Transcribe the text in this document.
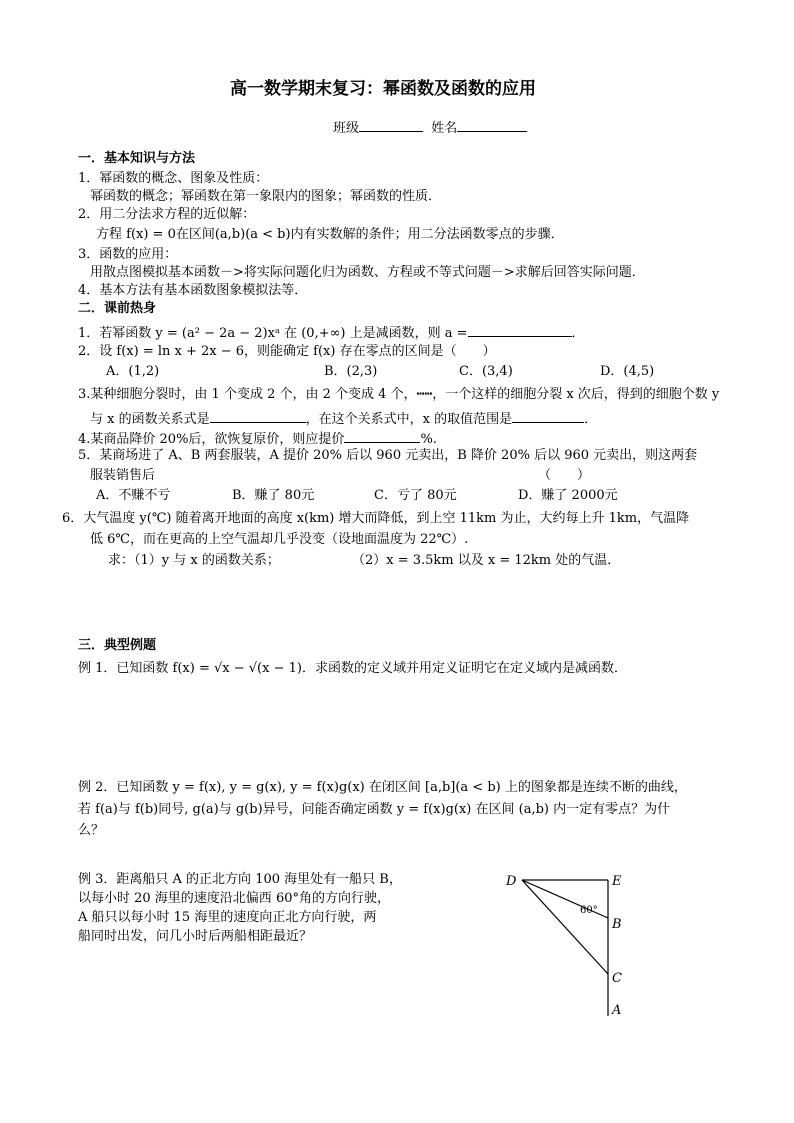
高一数学期末复习：幂函数及函数的应用
班级	姓名
一．基本知识与方法
1．幂函数的概念、图象及性质：
幂函数的概念；幂函数在第一象限内的图象；幂函数的性质．
2．用二分法求方程的近似解：
方程 f(x) = 0在区间(a,b)(a < b)内有实数解的条件；用二分法函数零点的步骤．
3．函数的应用：
用散点图模拟基本函数－>将实际问题化归为函数、方程或不等式问题－>求解后回答实际问题．
4．基本方法有基本函数图象模拟法等．
二．课前热身
1．若幂函数 y = (a² − 2a − 2)xᵃ 在 (0,+∞) 上是减函数，则 a =	．
2．设 f(x) = ln x + 2x − 6，则能确定 f(x) 存在零点的区间是（　　）
A．(1,2)	B．(2,3)	C．(3,4)	D．(4,5)
3.某种细胞分裂时，由 1 个变成 2 个，由 2 个变成 4 个，┅┅，一个这样的细胞分裂 x 次后，得到的细胞个数 y
与 x 的函数关系式是	，在这个关系式中，x 的取值范围是	．
4.某商品降价 20%后，欲恢复原价，则应提价	%.
5．某商场进了 A、B 两套服装，A 提价 20% 后以 960 元卖出，B 降价 20% 后以 960 元卖出，则这两套
服装销售后	（　　）
A．不赚不亏	B．赚了 80元	C．亏了 80元	D．赚了 2000元
6．大气温度 y(℃) 随着离开地面的高度 x(km) 增大而降低，到上空 11km 为止，大约每上升 1km，气温降
低 6℃，而在更高的上空气温却几乎没变（设地面温度为 22℃）.
求：（1）y 与 x 的函数关系；	（2）x = 3.5km 以及 x = 12km 处的气温．
三．典型例题
例 1．已知函数 f(x) = √x − √(x − 1)．求函数的定义域并用定义证明它在定义域内是减函数．
例 2．已知函数 y = f(x), y = g(x), y = f(x)g(x) 在闭区间 [a,b](a < b) 上的图象都是连续不断的曲线，
若 f(a)与 f(b)同号, g(a)与 g(b)异号，问能否确定函数 y = f(x)g(x) 在区间 (a,b) 内一定有零点？为什
么？
例 3．距离船只 A 的正北方向 100 海里处有一船只 B，
以每小时 20 海里的速度沿北偏西 60°角的方向行驶，
A 船只以每小时 15 海里的速度向正北方向行驶，两
船同时出发，问几小时后两船相距最近？
D	E
B
C
A
60°
